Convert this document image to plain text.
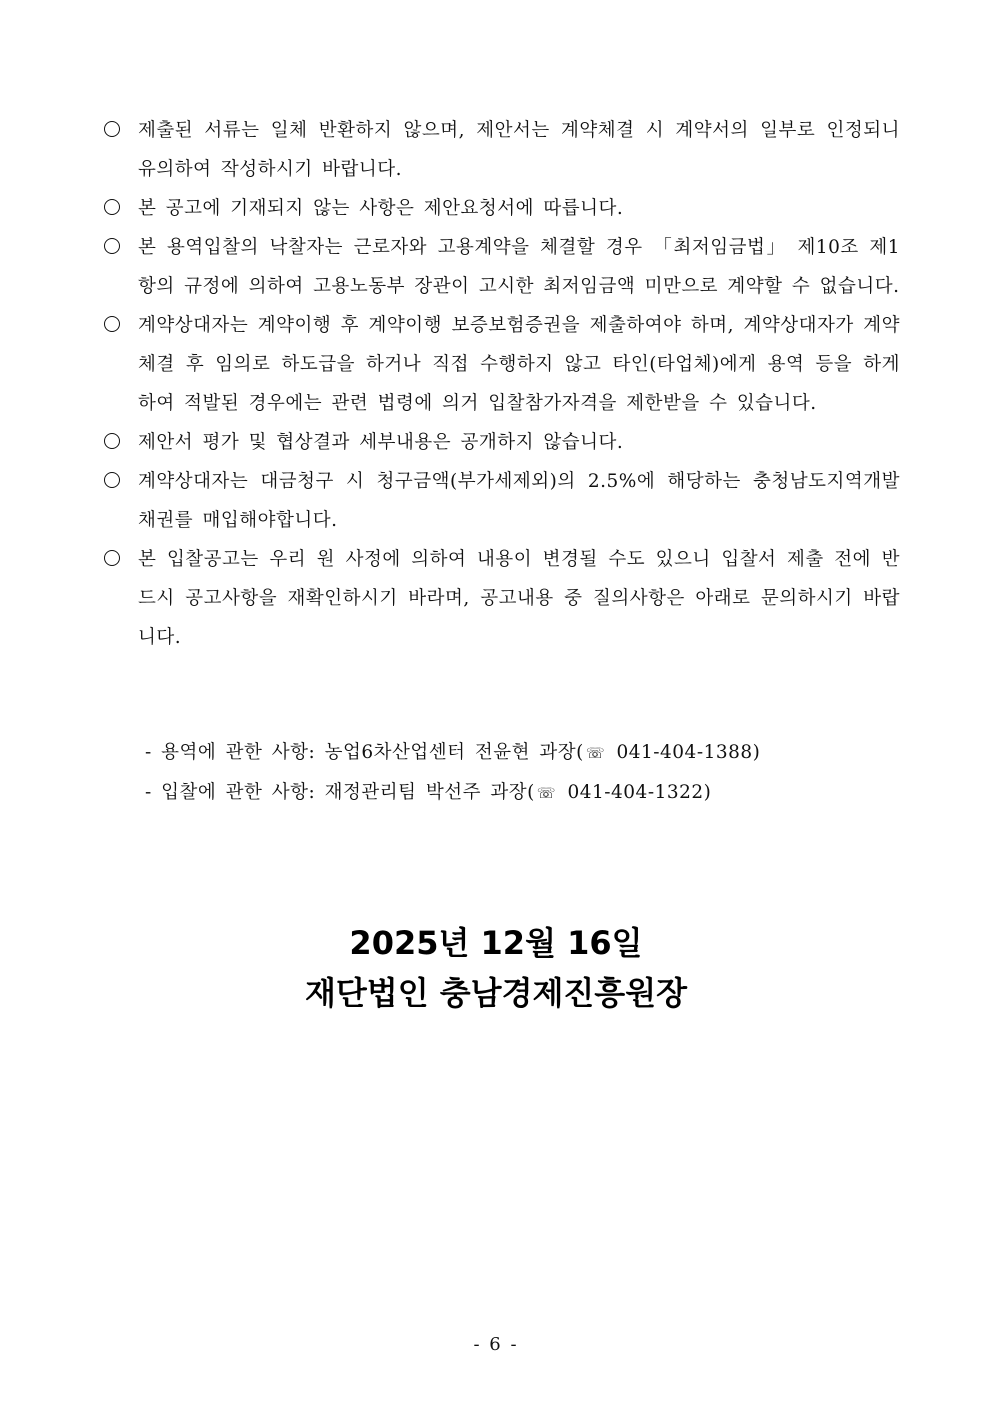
제출된 서류는 일체 반환하지 않으며, 제안서는 계약체결 시 계약서의 일부로 인정되니 유의하여 작성하시기 바랍니다.
본 공고에 기재되지 않는 사항은 제안요청서에 따릅니다.
본 용역입찰의 낙찰자는 근로자와 고용계약을 체결할 경우 「최저임금법」 제10조 제1항의 규정에 의하여 고용노동부 장관이 고시한 최저임금액 미만으로 계약할 수 없습니다.
계약상대자는 계약이행 후 계약이행 보증보험증권을 제출하여야 하며, 계약상대자가 계약체결 후 임의로 하도급을 하거나 직접 수행하지 않고 타인(타업체)에게 용역 등을 하게 하여 적발된 경우에는 관련 법령에 의거 입찰참가자격을 제한받을 수 있습니다.
제안서 평가 및 협상결과 세부내용은 공개하지 않습니다.
계약상대자는 대금청구 시 청구금액(부가세제외)의 2.5%에 해당하는 충청남도지역개발 채권를 매입해야합니다.
본 입찰공고는 우리 원 사정에 의하여 내용이 변경될 수도 있으니 입찰서 제출 전에 반드시 공고사항을 재확인하시기 바라며, 공고내용 중 질의사항은 아래로 문의하시기 바랍니다.
- 용역에 관한 사항: 농업6차산업센터 전윤현 과장( ☏ 041-404-1388)
- 입찰에 관한 사항: 재정관리팀 박선주 과장( ☏ 041-404-1322)
2025년 12월 16일
재단법인 충남경제진흥원장
- 6 -
